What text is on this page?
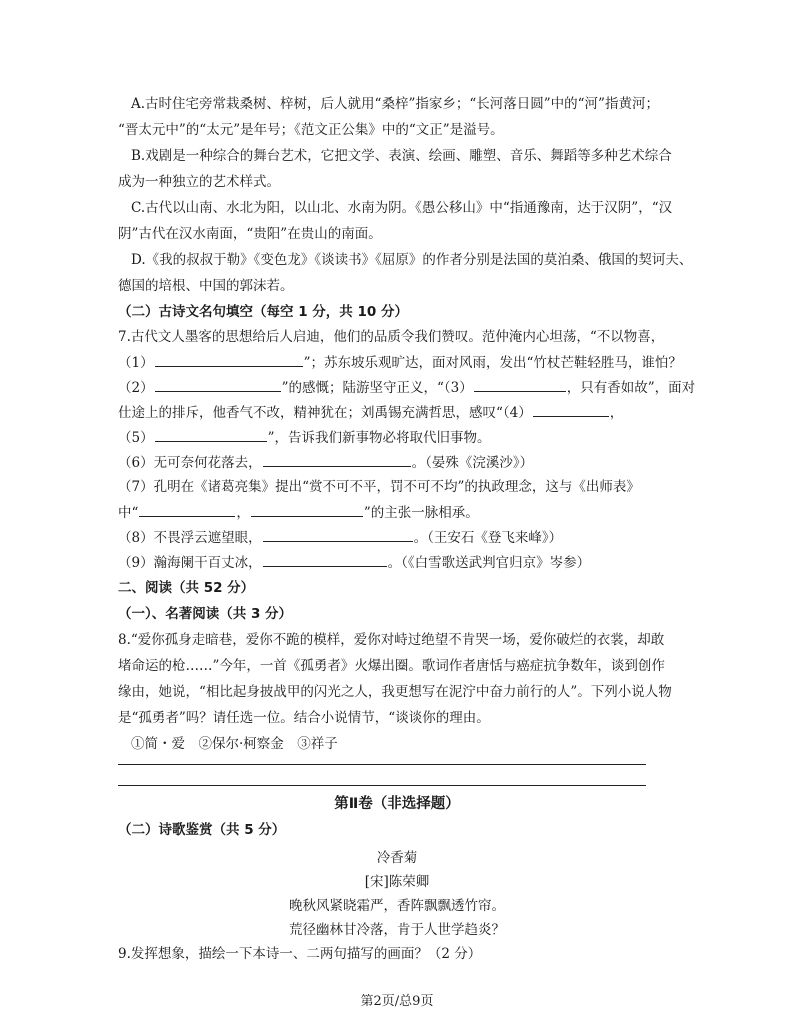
A.古时住宅旁常栽桑树、梓树，后人就用“桑梓”指家乡；“长河落日圆”中的“河”指黄河；
“晋太元中”的“太元”是年号；《范文正公集》中的“文正”是溢号。
B.戏剧是一种综合的舞台艺术，它把文学、表演、绘画、雕塑、音乐、舞蹈等多种艺术综合
成为一种独立的艺术样式。
C.古代以山南、水北为阳，以山北、水南为阴。《愚公移山》中“指通豫南，达于汉阴”，“汉
阴”古代在汉水南面，“贵阳”在贵山的南面。
D.《我的叔叔于勒》《变色龙》《谈读书》《屈原》的作者分别是法国的莫泊桑、俄国的契诃夫、
德国的培根、中国的郭沫若。
（二）古诗文名句填空（每空 1 分，共 10 分）
7.古代文人墨客的思想给后人启迪，他们的品质令我们赞叹。范仲淹内心坦荡，“不以物喜，
（1）	”；苏东坡乐观旷达，面对风雨，发出“竹杖芒鞋轻胜马，谁怕？
（2）	”的感慨；陆游坚守正义，“（3）	，只有香如故”，面对
仕途上的排斥，他香气不改，精神犹在；刘禹锡充满哲思，感叹“（4）	，
（5）	”，告诉我们新事物必将取代旧事物。
（6）无可奈何花落去，	。（晏殊《浣溪沙》）
（7）孔明在《诸葛亮集》提出“赏不可不平，罚不可不均”的执政理念，这与《出师表》
中“	，	”的主张一脉相承。
（8）不畏浮云遮望眼，	。（王安石《登飞来峰》）
（9）瀚海阑干百丈冰，	。（《白雪歌送武判官归京》岑参）
二、阅读（共 52 分）
（一）、名著阅读（共 3 分）
8.“爱你孤身走暗巷，爱你不跪的模样，爱你对峙过绝望不肯哭一场，爱你破烂的衣裳，却敢
堵命运的枪……”今年，一首《孤勇者》火爆出圈。歌词作者唐恬与癌症抗争数年，谈到创作
缘由，她说，“相比起身披战甲的闪光之人，我更想写在泥泞中奋力前行的人”。下列小说人物
是“孤勇者”吗？请任选一位。结合小说情节，“谈谈你的理由。
①简・爱　②保尔·柯察金　③祥子
第Ⅱ卷（非选择题）
（二）诗歌鉴赏（共 5 分）
冷香菊
[宋]陈荣卿
晚秋风紧晓霜严，香阵飘飘透竹帘。
荒径幽林甘冷落，肯于人世学趋炎？
9.发挥想象，描绘一下本诗一、二两句描写的画面？（2 分）
第2页/总9页
